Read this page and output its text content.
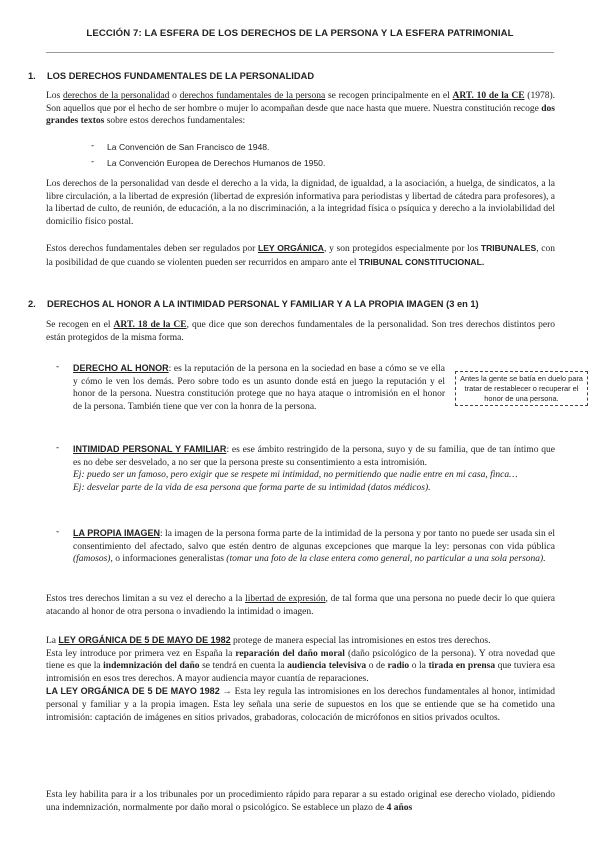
LECCIÓN 7: LA ESFERA DE LOS DERECHOS DE LA PERSONA Y LA ESFERA PATRIMONIAL
1. LOS DERECHOS FUNDAMENTALES DE LA PERSONALIDAD
Los derechos de la personalidad o derechos fundamentales de la persona se recogen principalmente en el ART. 10 de la CE (1978). Son aquellos que por el hecho de ser hombre o mujer lo acompañan desde que nace hasta que muere. Nuestra constitución recoge dos grandes textos sobre estos derechos fundamentales:
- La Convención de San Francisco de 1948.
- La Convención Europea de Derechos Humanos de 1950.
Los derechos de la personalidad van desde el derecho a la vida, la dignidad, de igualdad, a la asociación, a huelga, de sindicatos, a la libre circulación, a la libertad de expresión (libertad de expresión informativa para periodistas y libertad de cátedra para profesores), a la libertad de culto, de reunión, de educación, a la no discriminación, a la integridad física o psíquica y derecho a la inviolabilidad del domicilio físico postal.
Estos derechos fundamentales deben ser regulados por LEY ORGÁNICA, y son protegidos especialmente por los TRIBUNALES, con la posibilidad de que cuando se violenten pueden ser recurridos en amparo ante el TRIBUNAL CONSTITUCIONAL.
2. DERECHOS AL HONOR A LA INTIMIDAD PERSONAL Y FAMILIAR Y A LA PROPIA IMAGEN (3 en 1)
Se recogen en el ART. 18 de la CE, que dice que son derechos fundamentales de la personalidad. Son tres derechos distintos pero están protegidos de la misma forma.
- DERECHO AL HONOR: es la reputación de la persona en la sociedad en base a cómo se ve ella y cómo le ven los demás. Pero sobre todo es un asunto donde está en juego la reputación y el honor de la persona. Nuestra constitución protege que no haya ataque o intromisión en el honor de la persona. También tiene que ver con la honra de la persona.
Antes la gente se batía en duelo para tratar de restablecer o recuperar el honor de una persona.
- INTIMIDAD PERSONAL Y FAMILIAR: es ese ámbito restringido de la persona, suyo y de su familia, que de tan íntimo que es no debe ser desvelado, a no ser que la persona preste su consentimiento a esta intromisión.

Ej: puedo ser un famoso, pero exigir que se respete mi intimidad, no permitiendo que nadie entre en mi casa, finca…

Ej: desvelar parte de la vida de esa persona que forma parte de su intimidad (datos médicos).

- LA PROPIA IMAGEN: la imagen de la persona forma parte de la intimidad de la persona y por tanto no puede ser usada sin el consentimiento del afectado, salvo que estén dentro de algunas excepciones que marque la ley: personas con vida pública (famosos), o informaciones generalistas (tomar una foto de la clase entera como general, no particular a una sola persona).
Estos tres derechos limitan a su vez el derecho a la libertad de expresión, de tal forma que una persona no puede decir lo que quiera atacando al honor de otra persona o invadiendo la intimidad o imagen.

La LEY ORGÁNICA DE 5 DE MAYO DE 1982 protege de manera especial las intromisiones en estos tres derechos.

Esta ley introduce por primera vez en España la reparación del daño moral (daño psicológico de la persona). Y otra novedad que tiene es que la indemnización del daño se tendrá en cuenta la audiencia televisiva o de radio o la tirada en prensa que tuviera esa intromisión en esos tres derechos. A mayor audiencia mayor cuantía de reparaciones.

LA LEY ORGÁNICA DE 5 DE MAYO 1982 → Esta ley regula las intromisiones en los derechos fundamentales al honor, intimidad personal y familiar y a la propia imagen. Esta ley señala una serie de supuestos en los que se entiende que se ha cometido una intromisión: captación de imágenes en sitios privados, grabadoras, colocación de micrófonos en sitios privados ocultos.

Esta ley habilita para ir a los tribunales por un procedimiento rápido para reparar a su estado original ese derecho violado, pidiendo una indemnización, normalmente por daño moral o psicológico. Se establece un plazo de 4 años
